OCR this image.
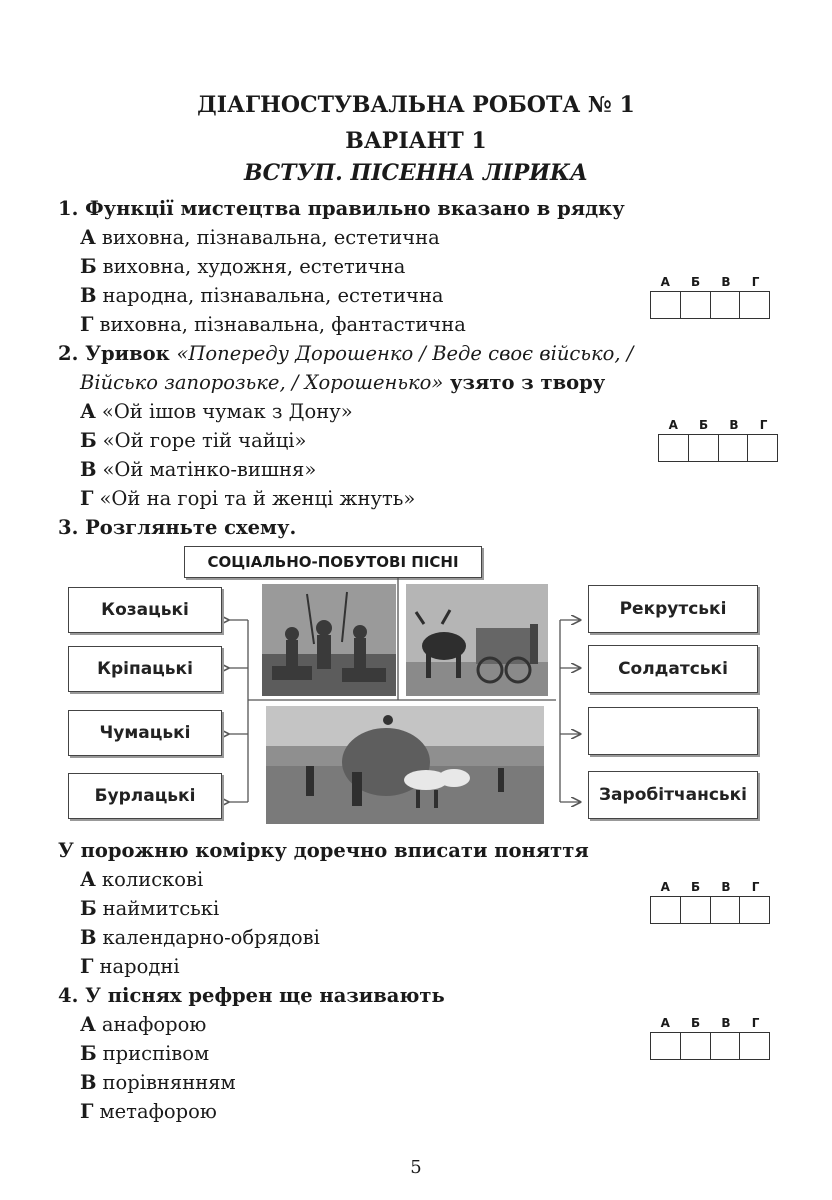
ДІАГНОСТУВАЛЬНА РОБОТА № 1
ВАРІАНТ 1
ВСТУП. ПІСЕННА ЛІРИКА
1. Функції мистецтва правильно вказано в рядку
А виховна, пізнавальна, естетична
Б виховна, художня, естетична
В народна, пізнавальна, естетична
Г виховна, пізнавальна, фантастична
А Б В Г
2. Уривок «Попереду Дорошенко / Веде своє військо, /
Військо запорозьке, / Хорошенько» узято з твору
А «Ой ішов чумак з Дону»
Б «Ой горе тій чайці»
В «Ой матінко-вишня»
Г «Ой на горі та й женці жнуть»
А Б В Г
3. Розгляньте схему.
СОЦІАЛЬНО-ПОБУТОВІ ПІСНІ
Козацькі
Кріпацькі
Чумацькі
Бурлацькі
Рекрутські
Солдатські
Заробітчанські
У порожню комірку доречно вписати поняття
А колискові
Б наймитські
В календарно-обрядові
Г народні
А Б В Г
4. У піснях рефрен ще називають
А анафорою
Б приспівом
В порівнянням
Г метафорою
А Б В Г
5
